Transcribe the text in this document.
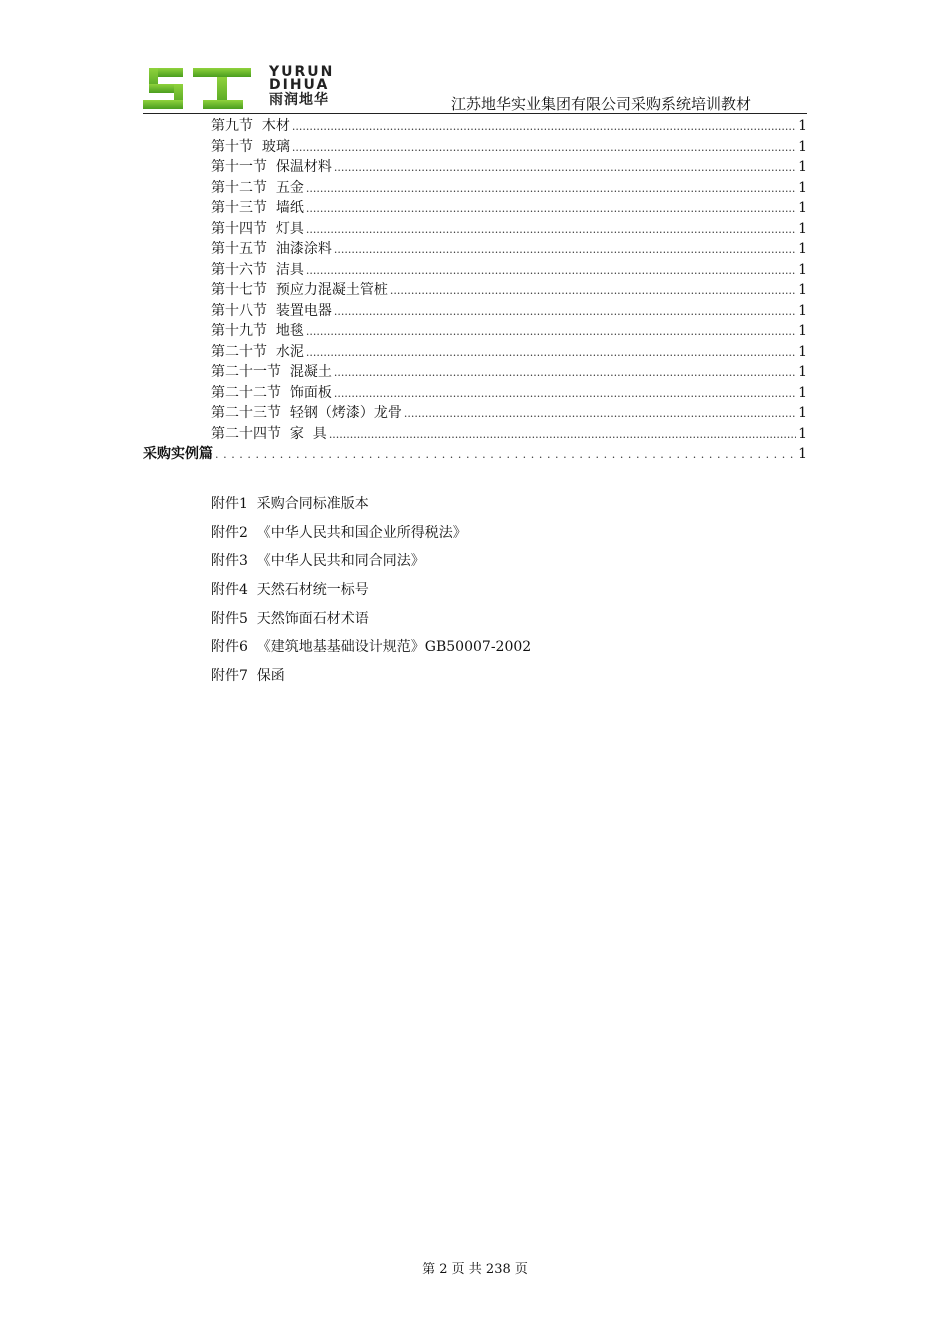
YURUN
DIHUA
雨润地华	江苏地华实业集团有限公司采购系统培训教材
第九节  木材 .....	1
第十节  玻璃 .....	1
第十一节  保温材料 .....	1
第十二节  五金 .....	1
第十三节  墙纸 .....	1
第十四节  灯具 .....	1
第十五节  油漆涂料 .....	1
第十六节  洁具 .....	1
第十七节  预应力混凝土管桩 .....	1
第十八节  装置电器 .....	1
第十九节  地毯 .....	1
第二十节  水泥 .....	1
第二十一节  混凝土 .....	1
第二十二节  饰面板 .....	1
第二十三节  轻钢（烤漆）龙骨 .....	1
第二十四节  家  具 .....	1
采购实例篇 .....	1
附件1  采购合同标准版本
附件2  《中华人民共和国企业所得税法》
附件3  《中华人民共和同合同法》
附件4  天然石材统一标号
附件5  天然饰面石材术语
附件6  《建筑地基基础设计规范》GB50007-2002
附件7  保函
第 2 页 共 238 页
